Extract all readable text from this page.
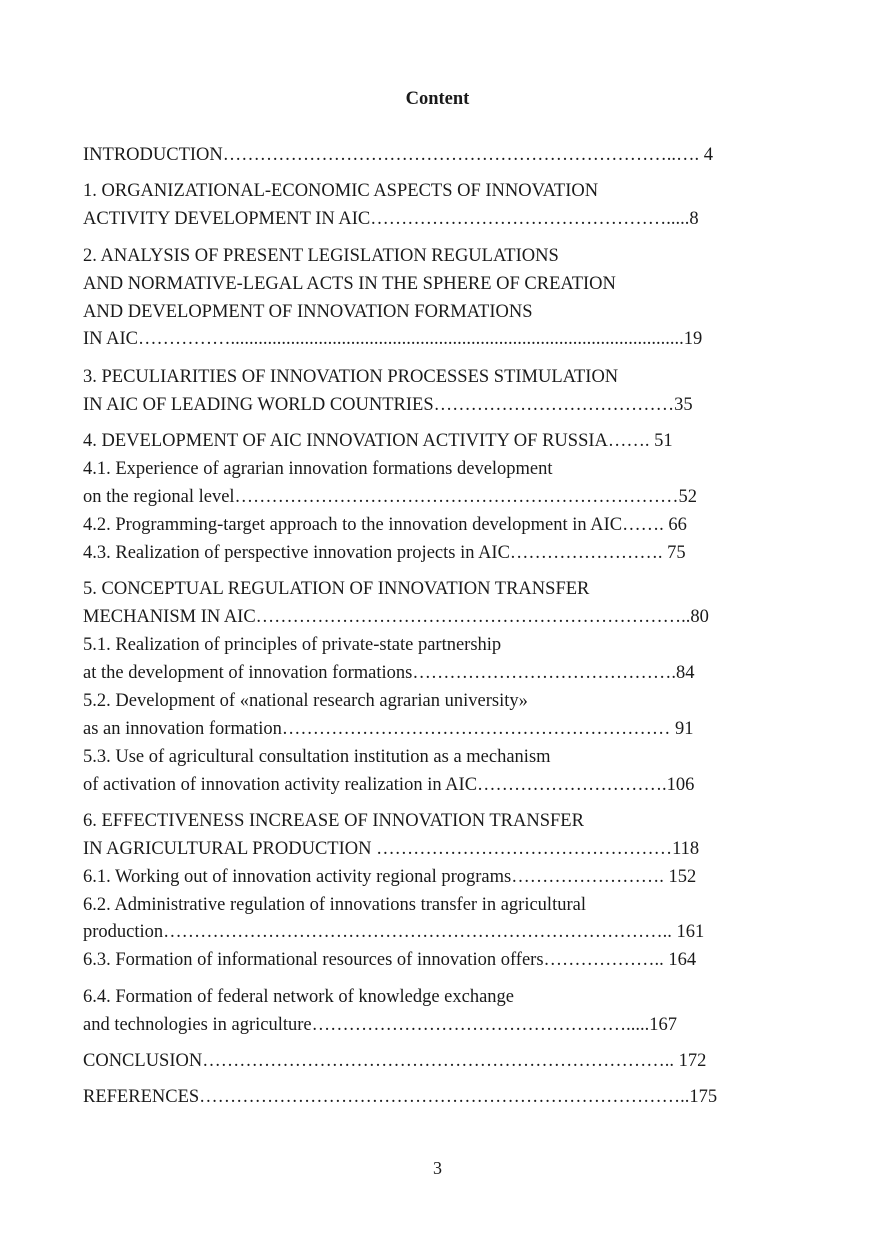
Content
INTRODUCTION………………………………………………………………..…. 4
1. ORGANIZATIONAL-ECONOMIC ASPECTS OF INNOVATION
ACTIVITY DEVELOPMENT IN AIC………………………………………….....8
2. ANALYSIS OF PRESENT LEGISLATION REGULATIONS
AND NORMATIVE-LEGAL ACTS IN THE SPHERE OF CREATION
AND DEVELOPMENT OF INNOVATION FORMATIONS
IN AIC……………..................................................................................................19
3. PECULIARITIES OF INNOVATION PROCESSES STIMULATION
IN AIC OF LEADING WORLD COUNTRIES…………………………………35
4. DEVELOPMENT OF AIC INNOVATION ACTIVITY OF RUSSIA……. 51
4.1. Experience of agrarian innovation formations development
on the regional level………………………………………………………………52
4.2. Programming-target approach to the innovation development in AIC……. 66
4.3. Realization of perspective innovation projects in AIC……………………. 75
5. CONCEPTUAL REGULATION OF INNOVATION TRANSFER
MECHANISM IN AIC……………………………………………………………..80
5.1. Realization of principles of private-state partnership
at the development of innovation formations…………………………………….84
5.2. Development of «national research agrarian university»
as an innovation formation……………………………………………………… 91
5.3. Use of agricultural consultation institution as a mechanism
of activation of innovation activity realization in AIC………………………….106
6. EFFECTIVENESS INCREASE OF INNOVATION TRANSFER
IN AGRICULTURAL PRODUCTION …………………………………………118
6.1. Working out of innovation activity regional programs……………………. 152
6.2. Administrative regulation of innovations transfer in agricultural
production……………………………………………………………………….. 161
6.3. Formation of informational resources of innovation offers……………….. 164
6.4. Formation of federal network of knowledge exchange
and technologies in agriculture…………………………………………….....167
CONCLUSION………………………………………………………………….. 172
REFERENCES……………………………………………………………………..175
3
